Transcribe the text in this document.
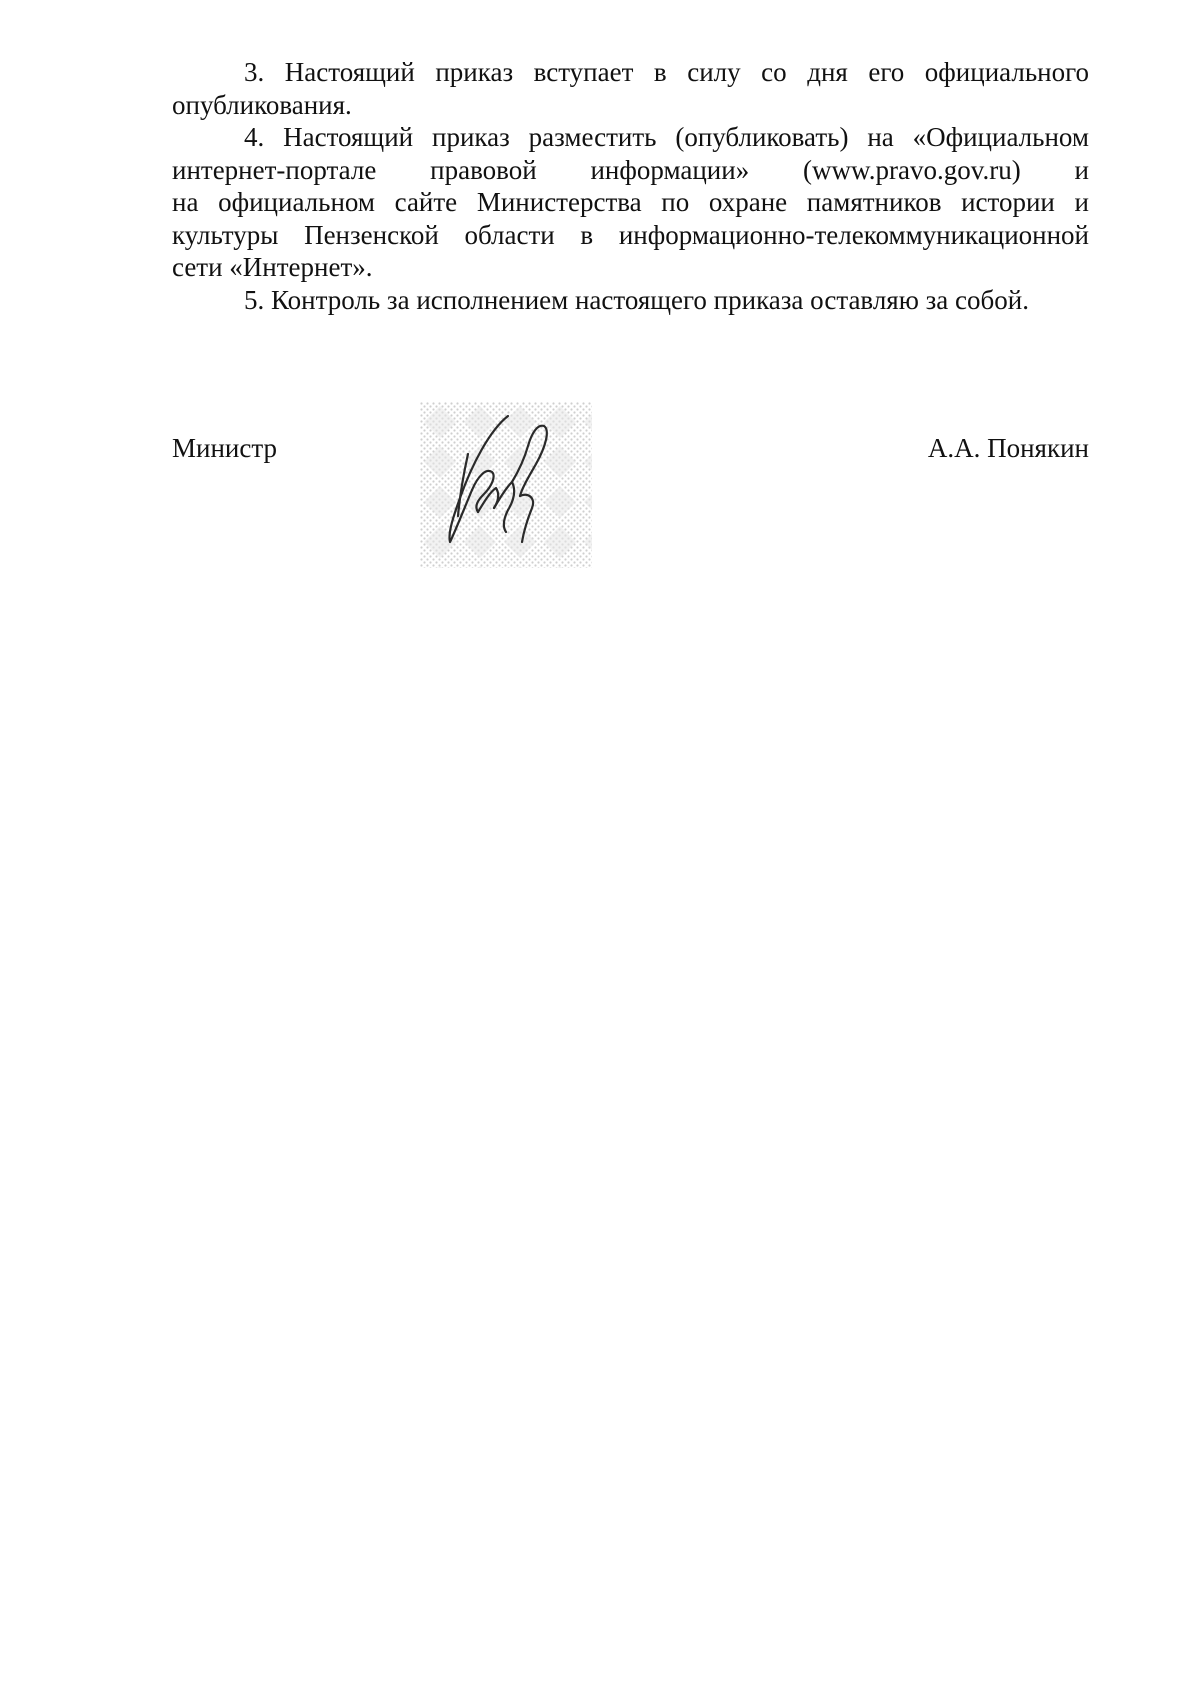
3. Настоящий приказ вступает в силу со дня его официального
опубликования.
4. Настоящий приказ разместить (опубликовать) на «Официальном
интернет-портале правовой информации» (www.pravo.gov.ru) и
на официальном сайте Министерства по охране памятников истории и
культуры Пензенской области в информационно-телекоммуникационной
сети «Интернет».
5. Контроль за исполнением настоящего приказа оставляю за собой.
Министр	А.А. Понякин
